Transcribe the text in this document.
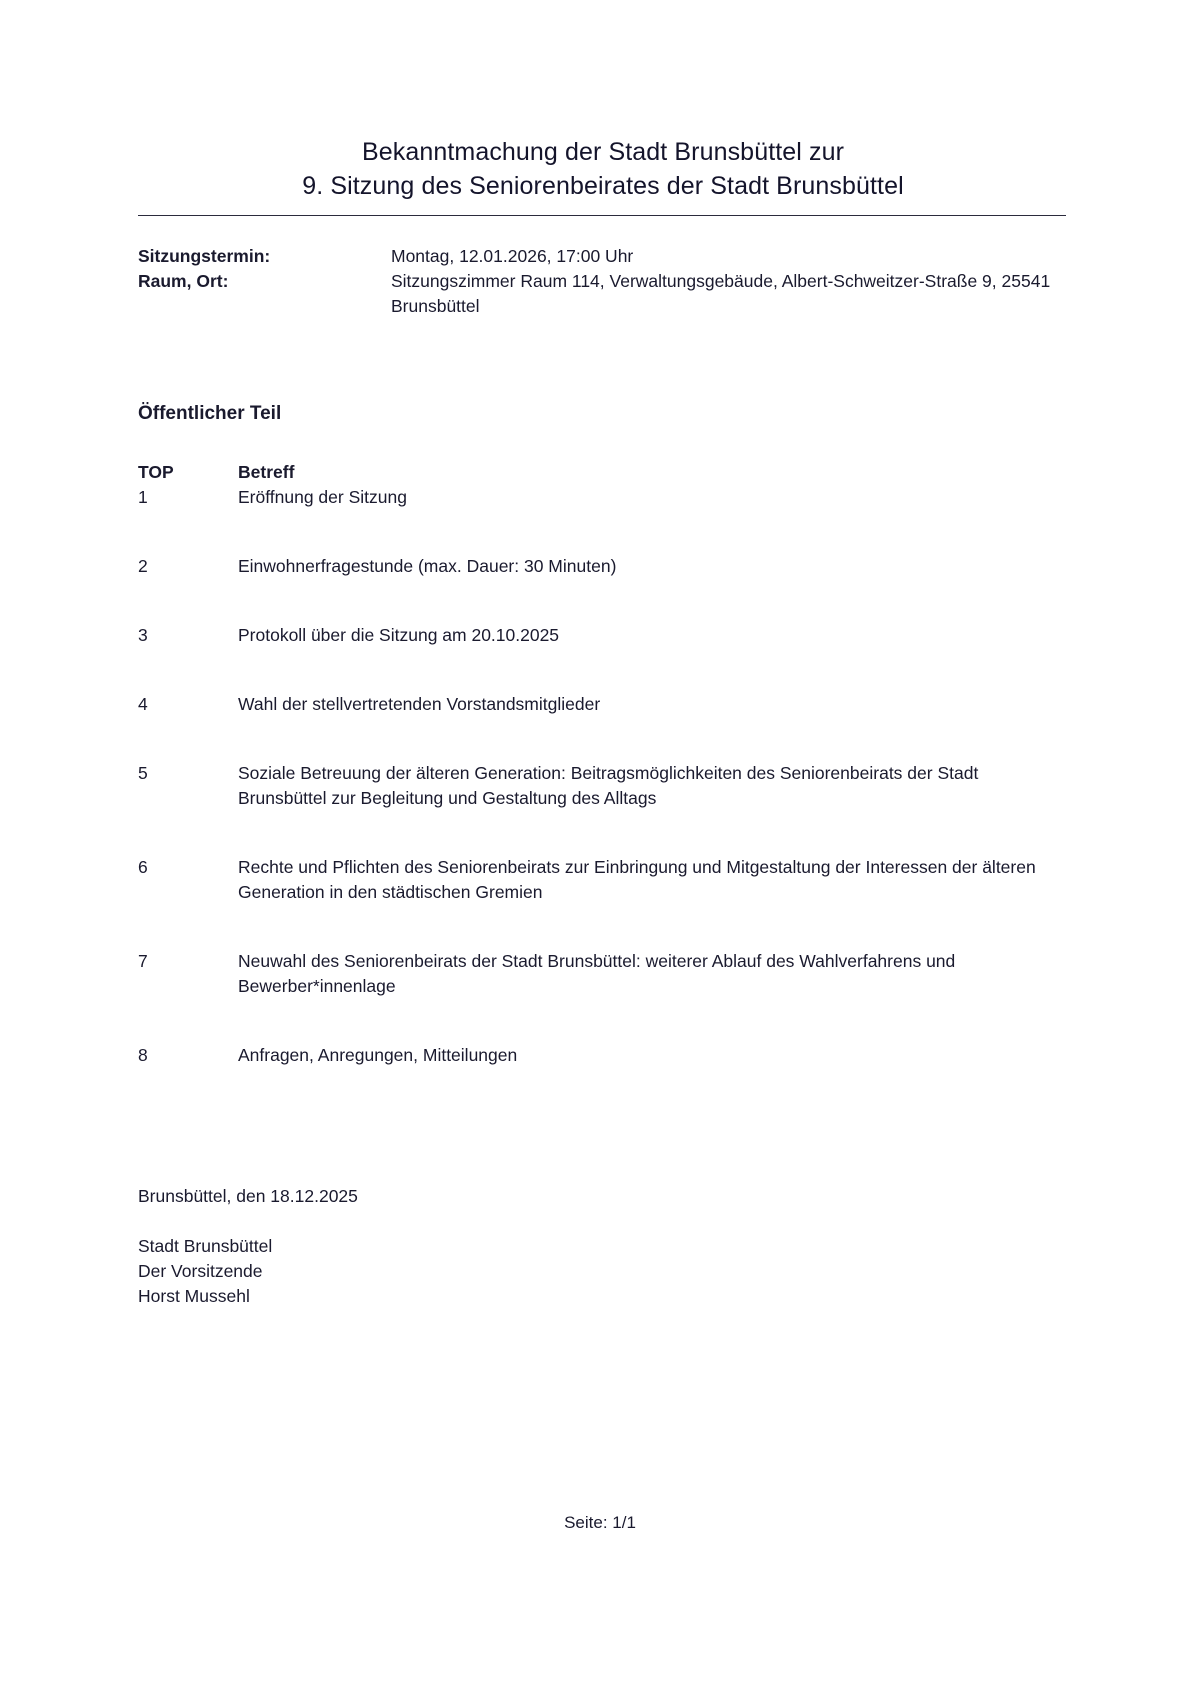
Bekanntmachung der Stadt Brunsbüttel zur
9. Sitzung des Seniorenbeirates der Stadt Brunsbüttel
Sitzungstermin:	Montag, 12.01.2026, 17:00 Uhr
Raum, Ort:	Sitzungszimmer Raum 114, Verwaltungsgebäude, Albert-Schweitzer-Straße 9, 25541 Brunsbüttel
Öffentlicher Teil
TOP	Betreff
1	Eröffnung der Sitzung
2	Einwohnerfragestunde (max. Dauer: 30 Minuten)
3	Protokoll über die Sitzung am 20.10.2025
4	Wahl der stellvertretenden Vorstandsmitglieder
5	Soziale Betreuung der älteren Generation: Beitragsmöglichkeiten des Seniorenbeirats der Stadt Brunsbüttel zur Begleitung und Gestaltung des Alltags
6	Rechte und Pflichten des Seniorenbeirats zur Einbringung und Mitgestaltung der Interessen der älteren Generation in den städtischen Gremien
7	Neuwahl des Seniorenbeirats der Stadt Brunsbüttel: weiterer Ablauf des Wahlverfahrens und Bewerber*innenlage
8	Anfragen, Anregungen, Mitteilungen
Brunsbüttel, den 18.12.2025
Stadt Brunsbüttel
Der Vorsitzende
Horst Mussehl
Seite: 1/1
